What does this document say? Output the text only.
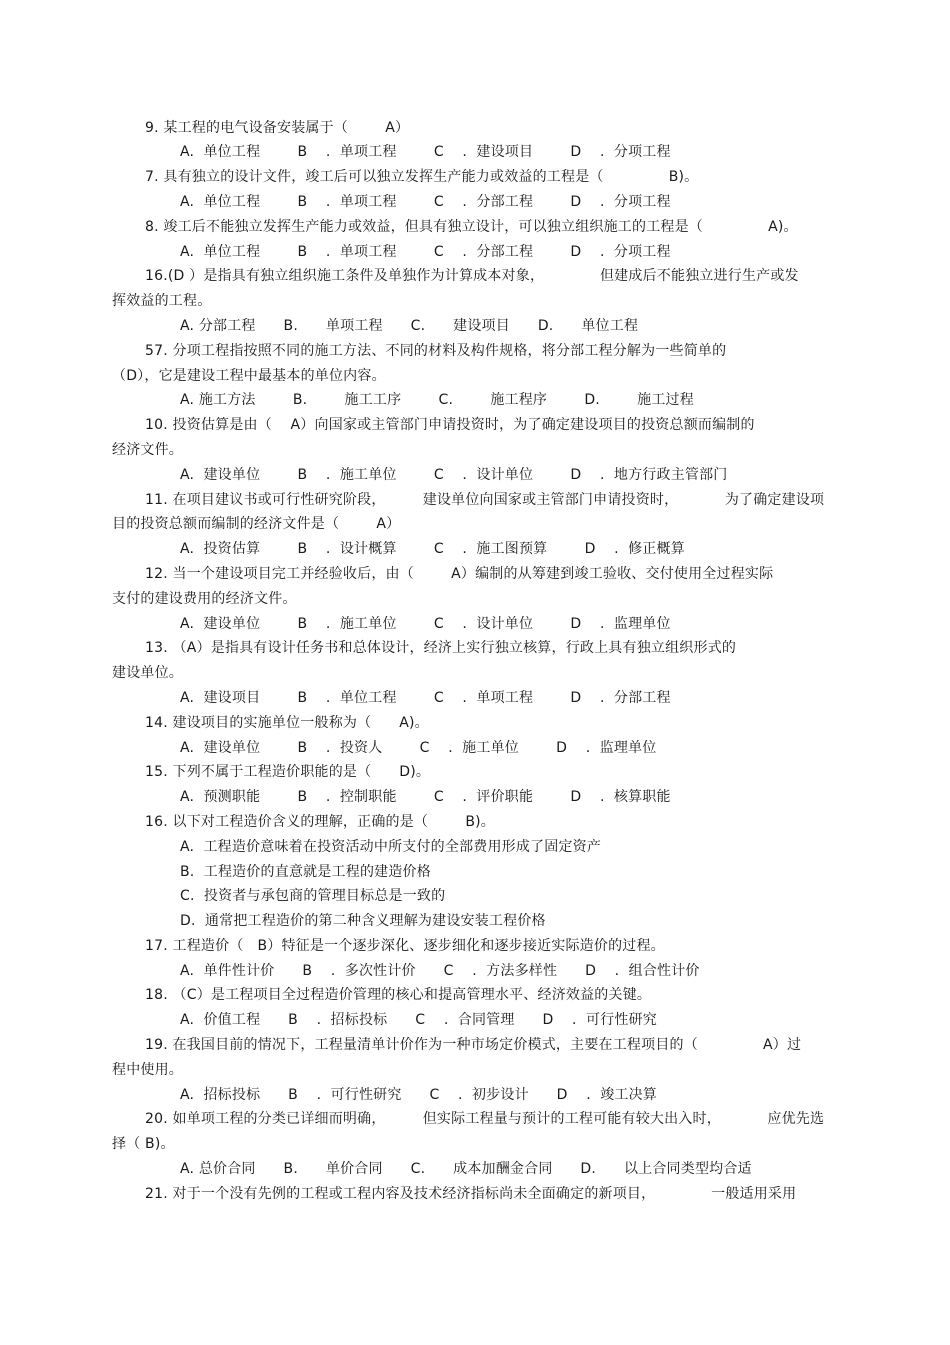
9. 某工程的电气设备安装属于（        A）
A.  单位工程        B    .  单项工程        C    .  建设项目        D    .  分项工程
7. 具有独立的设计文件，竣工后可以独立发挥生产能力或效益的工程是（              B)。
A.  单位工程        B    .  单项工程        C    .  分部工程        D    .  分项工程
8. 竣工后不能独立发挥生产能力或效益，但具有独立设计，可以独立组织施工的工程是（              A)。
A.  单位工程        B    .  单项工程        C    .  分部工程        D    .  分项工程
16.(D ）是指具有独立组织施工条件及单独作为计算成本对象，            但建成后不能独立进行生产或发
挥效益的工程。
A. 分部工程      B.      单项工程      C.      建设项目      D.      单位工程
57. 分项工程指按照不同的施工方法、不同的材料及构件规格，将分部工程分解为一些简单的
（D），它是建设工程中最基本的单位内容。
A. 施工方法        B.        施工工序        C.        施工程序        D.        施工过程
10. 投资估算是由（    A）向国家或主管部门申请投资时，为了确定建设项目的投资总额而编制的
经济文件。
A.  建设单位        B    .  施工单位        C    .  设计单位        D    .  地方行政主管部门
11. 在项目建议书或可行性研究阶段，        建设单位向国家或主管部门申请投资时，          为了确定建设项
目的投资总额而编制的经济文件是（        A）
A.  投资估算        B    .  设计概算        C    .  施工图预算        D    .  修正概算
12. 当一个建设项目完工并经验收后，由（        A）编制的从筹建到竣工验收、交付使用全过程实际
支付的建设费用的经济文件。
A.  建设单位        B    .  施工单位        C    .  设计单位        D    .  监理单位
13. （A）是指具有设计任务书和总体设计，经济上实行独立核算，行政上具有独立组织形式的
建设单位。
A.  建设项目        B    .  单位工程        C    .  单项工程        D    .  分部工程
14. 建设项目的实施单位一般称为（      A)。
A.  建设单位        B    .  投资人        C    .  施工单位        D    .  监理单位
15. 下列不属于工程造价职能的是（      D)。
A.  预测职能        B    .  控制职能        C    .  评价职能        D    .  核算职能
16. 以下对工程造价含义的理解，正确的是（        B)。
A.  工程造价意味着在投资活动中所支付的全部费用形成了固定资产
B.  工程造价的直意就是工程的建造价格
C.  投资者与承包商的管理目标总是一致的
D.  通常把工程造价的第二种含义理解为建设安装工程价格
17. 工程造价（   B）特征是一个逐步深化、逐步细化和逐步接近实际造价的过程。
A.  单件性计价      B    .  多次性计价      C    .  方法多样性      D    .  组合性计价
18. （C）是工程项目全过程造价管理的核心和提高管理水平、经济效益的关键。
A.  价值工程      B    .  招标投标      C    .  合同管理      D    .  可行性研究
19. 在我国目前的情况下，工程量清单计价作为一种市场定价模式，主要在工程项目的（              A）过
程中使用。
A.  招标投标      B    .  可行性研究      C    .  初步设计      D    .  竣工决算
20. 如单项工程的分类已详细而明确，        但实际工程量与预计的工程可能有较大出入时，          应优先选
择（ B)。
A. 总价合同      B.      单价合同      C.      成本加酬金合同      D.      以上合同类型均合适
21. 对于一个没有先例的工程或工程内容及技术经济指标尚未全面确定的新项目，            一般适用采用
